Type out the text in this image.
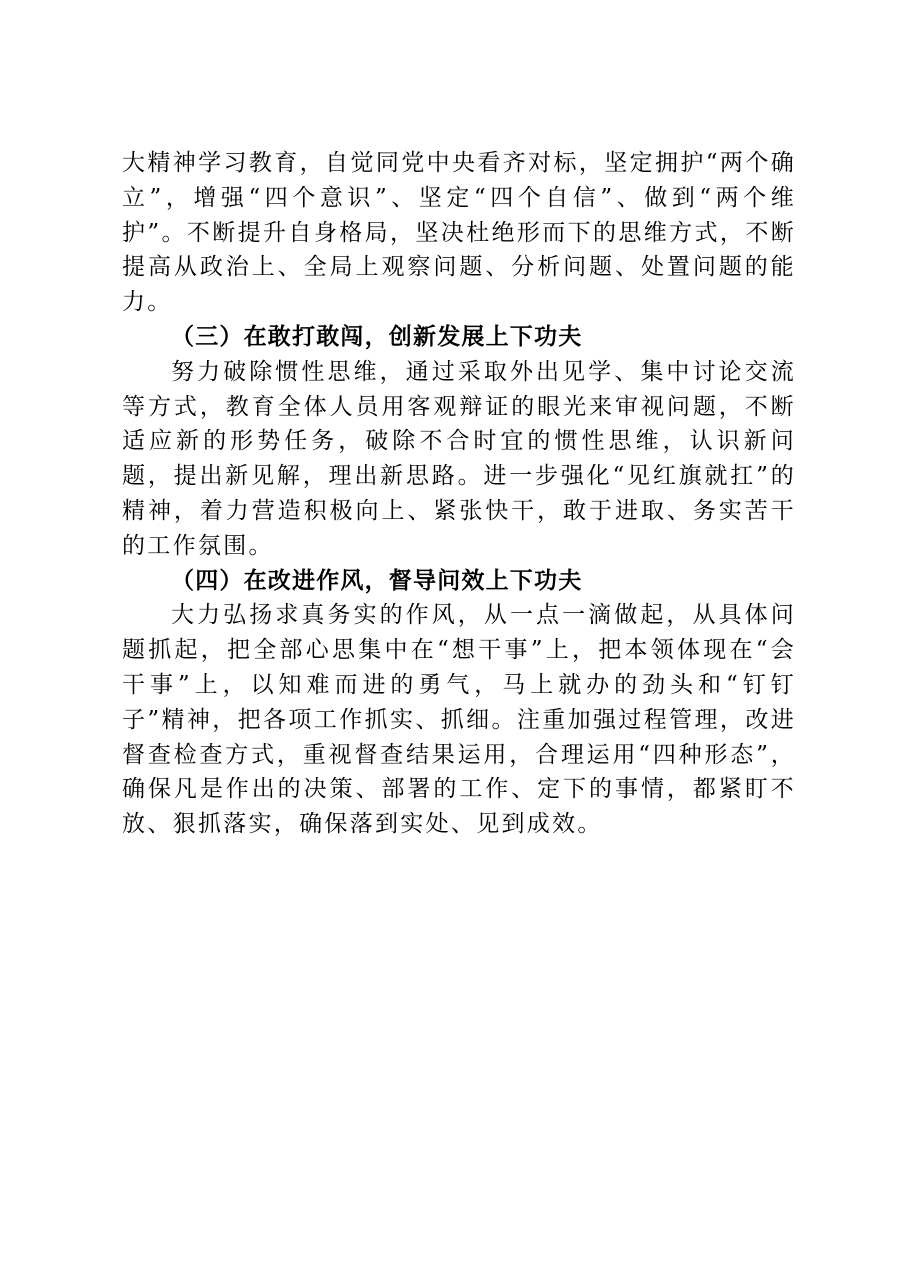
大精神学习教育，自觉同党中央看齐对标，坚定拥护“两个确立”，增强“四个意识”、坚定“四个自信”、做到“两个维护”。不断提升自身格局，坚决杜绝形而下的思维方式，不断提高从政治上、全局上观察问题、分析问题、处置问题的能力。

（三）在敢打敢闯，创新发展上下功夫

努力破除惯性思维，通过采取外出见学、集中讨论交流等方式，教育全体人员用客观辩证的眼光来审视问题，不断适应新的形势任务，破除不合时宜的惯性思维，认识新问题，提出新见解，理出新思路。进一步强化“见红旗就扛”的精神，着力营造积极向上、紧张快干，敢于进取、务实苦干的工作氛围。

（四）在改进作风，督导问效上下功夫

大力弘扬求真务实的作风，从一点一滴做起，从具体问题抓起，把全部心思集中在“想干事”上，把本领体现在“会干事”上，以知难而进的勇气，马上就办的劲头和“钉钉子”精神，把各项工作抓实、抓细。注重加强过程管理，改进督查检查方式，重视督查结果运用，合理运用“四种形态”，确保凡是作出的决策、部署的工作、定下的事情，都紧盯不放、狠抓落实，确保落到实处、见到成效。
